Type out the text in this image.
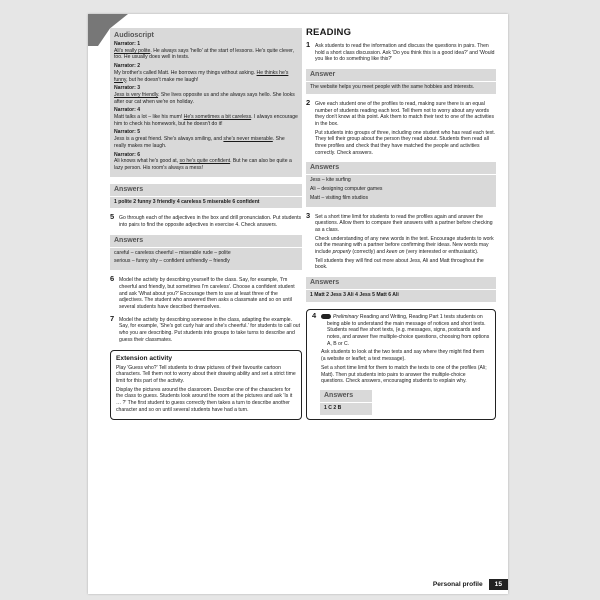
Audioscript

Narrator: 1

Ali's really polite. He always says 'hello' at the start of lessons. He's quite clever, too. He usually does well in tests.

Narrator: 2

My brother's called Matt. He borrows my things without asking. He thinks he's funny, but he doesn't make me laugh!

Narrator: 3

Jess is very friendly. She lives opposite us and she always says hello. She looks after our cat when we're on holiday.

Narrator: 4

Matt talks a lot – like his mum! He's sometimes a bit careless. I always encourage him to check his homework, but he doesn't do it!

Narrator: 5

Jess is a great friend. She's always smiling, and she's never miserable. She really makes me laugh.

Narrator: 6

Ali knows what he's good at, so he's quite confident. But he can also be quite a lazy person. His room's always a mess!

Answers
1 polite 2 funny 3 friendly 4 careless 5 miserable 6 confident
5 Go through each of the adjectives in the box and drill pronunciation. Put students into pairs to find the opposite adjectives in exercise 4. Check answers.
Answers

careful – careless cheerful – miserable rude – polite

serious – funny shy – confident unfriendly – friendly

6 Model the activity by describing yourself to the class. Say, for example, 'I'm cheerful and friendly, but sometimes I'm careless'. Choose a confident student and ask 'What about you?' Encourage them to use at least three of the adjectives. The student who answered then asks a classmate and so on until several students have described themselves.
7 Model the activity by describing someone in the class, adapting the example. Say, for example, 'She's got curly hair and she's cheerful.' for students to call out who you are describing. Put students into groups to take turns to describe and guess their classmates.
Extension activity

Play 'Guess who?' Tell students to draw pictures of their favourite cartoon characters. Tell them not to worry about their drawing ability and set a strict time limit for this part of the activity.

Display the pictures around the classroom. Describe one of the characters for the class to guess. Students look around the room at the pictures and ask 'Is it … ?' The first student to guess correctly then takes a turn to describe another character and so on until several students have had a turn.

READING
1 Ask students to read the information and discuss the questions in pairs. Then hold a short class discussion. Ask 'Do you think this is a good idea?' and 'Would you like to do something like this?'
Answer
The website helps you meet people with the same hobbies and interests.
2 Give each student one of the profiles to read, making sure there is an equal number of students reading each text. Tell them not to worry about any words they don't know at this point. Ask them to match their text to one of the activities in the box.

Put students into groups of three, including one student who has read each text. They tell their group about the person they read about. Students then read all three profiles and check that they have matched the people and activities correctly. Check answers.

Answers

Jess – kite surfing

Ali – designing computer games

Matt – visiting film studios

3 Set a short time limit for students to read the profiles again and answer the questions. Allow them to compare their answers with a partner before checking as a class.

Check understanding of any new words in the text. Encourage students to work out the meaning with a partner before confirming their ideas. New words may include properly (correctly) and keen on (very interested or enthusiastic).

Tell students they will find out more about Jess, Ali and Matt throughout the book.

Answers
1 Matt 2 Jess 3 Ali 4 Jess 5 Matt 6 Ali
4	Preliminary Reading and Writing, Reading Part 1 tests students on being able to understand the main message of notices and short texts. Students read five short texts, (e.g. messages, signs, postcards and notes, and answer five multiple-choice questions, choosing from options A, B or C.

Ask students to look at the two texts and say where they might find them (a website or leaflet; a text message).

Set a short time limit for them to match the texts to one of the profiles (Ali; Matt). Then put students into pairs to answer the multiple-choice questions. Check answers, encouraging students to explain why.

Answers
1 C 2 B
Personal profile 15
